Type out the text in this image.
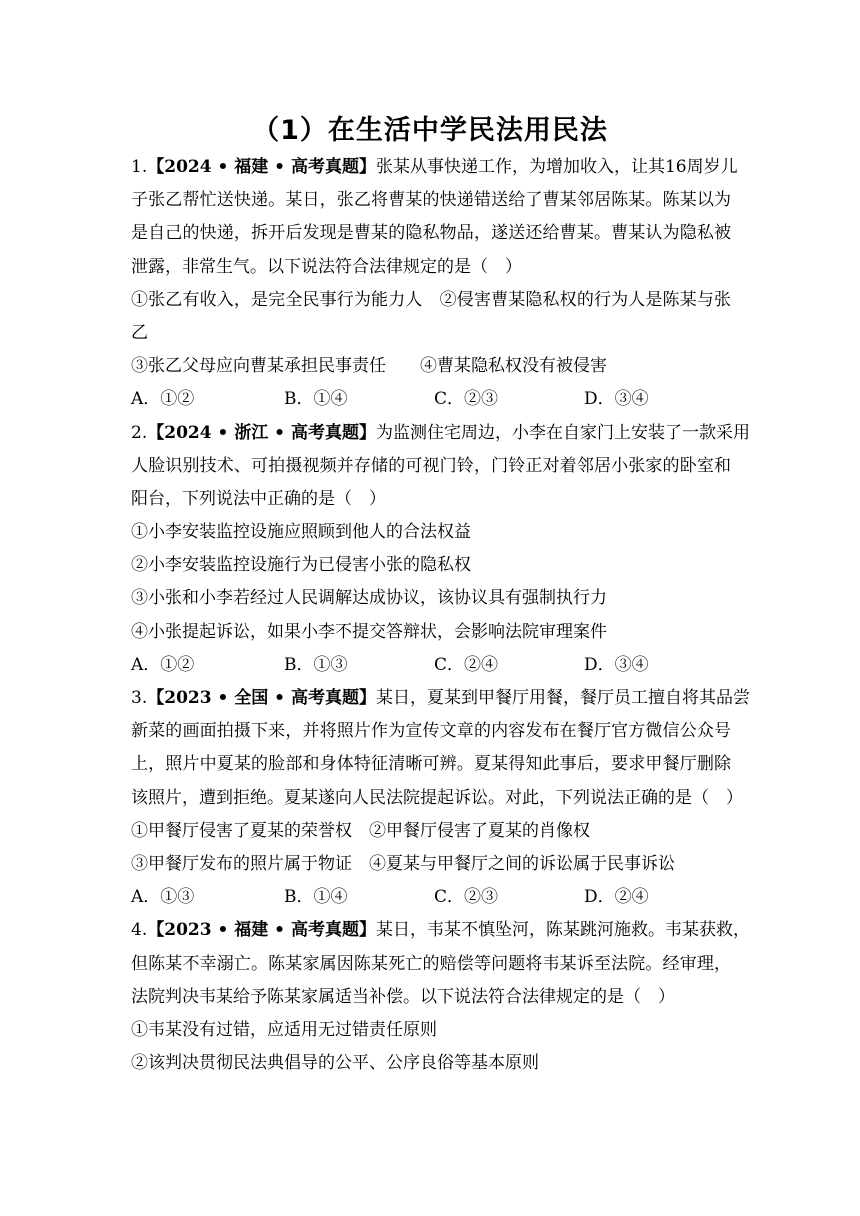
（1）在生活中学民法用民法
1.【2024 • 福建 • 高考真题】张某从事快递工作，为增加收入，让其16周岁儿
子张乙帮忙送快递。某日，张乙将曹某的快递错送给了曹某邻居陈某。陈某以为
是自己的快递，拆开后发现是曹某的隐私物品，遂送还给曹某。曹某认为隐私被
泄露，非常生气。以下说法符合法律规定的是（　）
①张乙有收入，是完全民事行为能力人　②侵害曹某隐私权的行为人是陈某与张
乙
③张乙父母应向曹某承担民事责任　　④曹某隐私权没有被侵害
A．①②	B．①④	C．②③	D．③④
2.【2024 • 浙江 • 高考真题】为监测住宅周边，小李在自家门上安装了一款采用
人脸识别技术、可拍摄视频并存储的可视门铃，门铃正对着邻居小张家的卧室和
阳台，下列说法中正确的是（　）
①小李安装监控设施应照顾到他人的合法权益
②小李安装监控设施行为已侵害小张的隐私权
③小张和小李若经过人民调解达成协议，该协议具有强制执行力
④小张提起诉讼，如果小李不提交答辩状，会影响法院审理案件
A．①②	B．①③	C．②④	D．③④
3.【2023 • 全国 • 高考真题】某日，夏某到甲餐厅用餐，餐厅员工擅自将其品尝
新菜的画面拍摄下来，并将照片作为宣传文章的内容发布在餐厅官方微信公众号
上，照片中夏某的脸部和身体特征清晰可辨。夏某得知此事后，要求甲餐厅删除
该照片，遭到拒绝。夏某遂向人民法院提起诉讼。对此，下列说法正确的是（　）
①甲餐厅侵害了夏某的荣誉权　②甲餐厅侵害了夏某的肖像权
③甲餐厅发布的照片属于物证　④夏某与甲餐厅之间的诉讼属于民事诉讼
A．①③	B．①④	C．②③	D．②④
4.【2023 • 福建 • 高考真题】某日，韦某不慎坠河，陈某跳河施救。韦某获救，
但陈某不幸溺亡。陈某家属因陈某死亡的赔偿等问题将韦某诉至法院。经审理，
法院判决韦某给予陈某家属适当补偿。以下说法符合法律规定的是（　）
①韦某没有过错，应适用无过错责任原则
②该判决贯彻民法典倡导的公平、公序良俗等基本原则
